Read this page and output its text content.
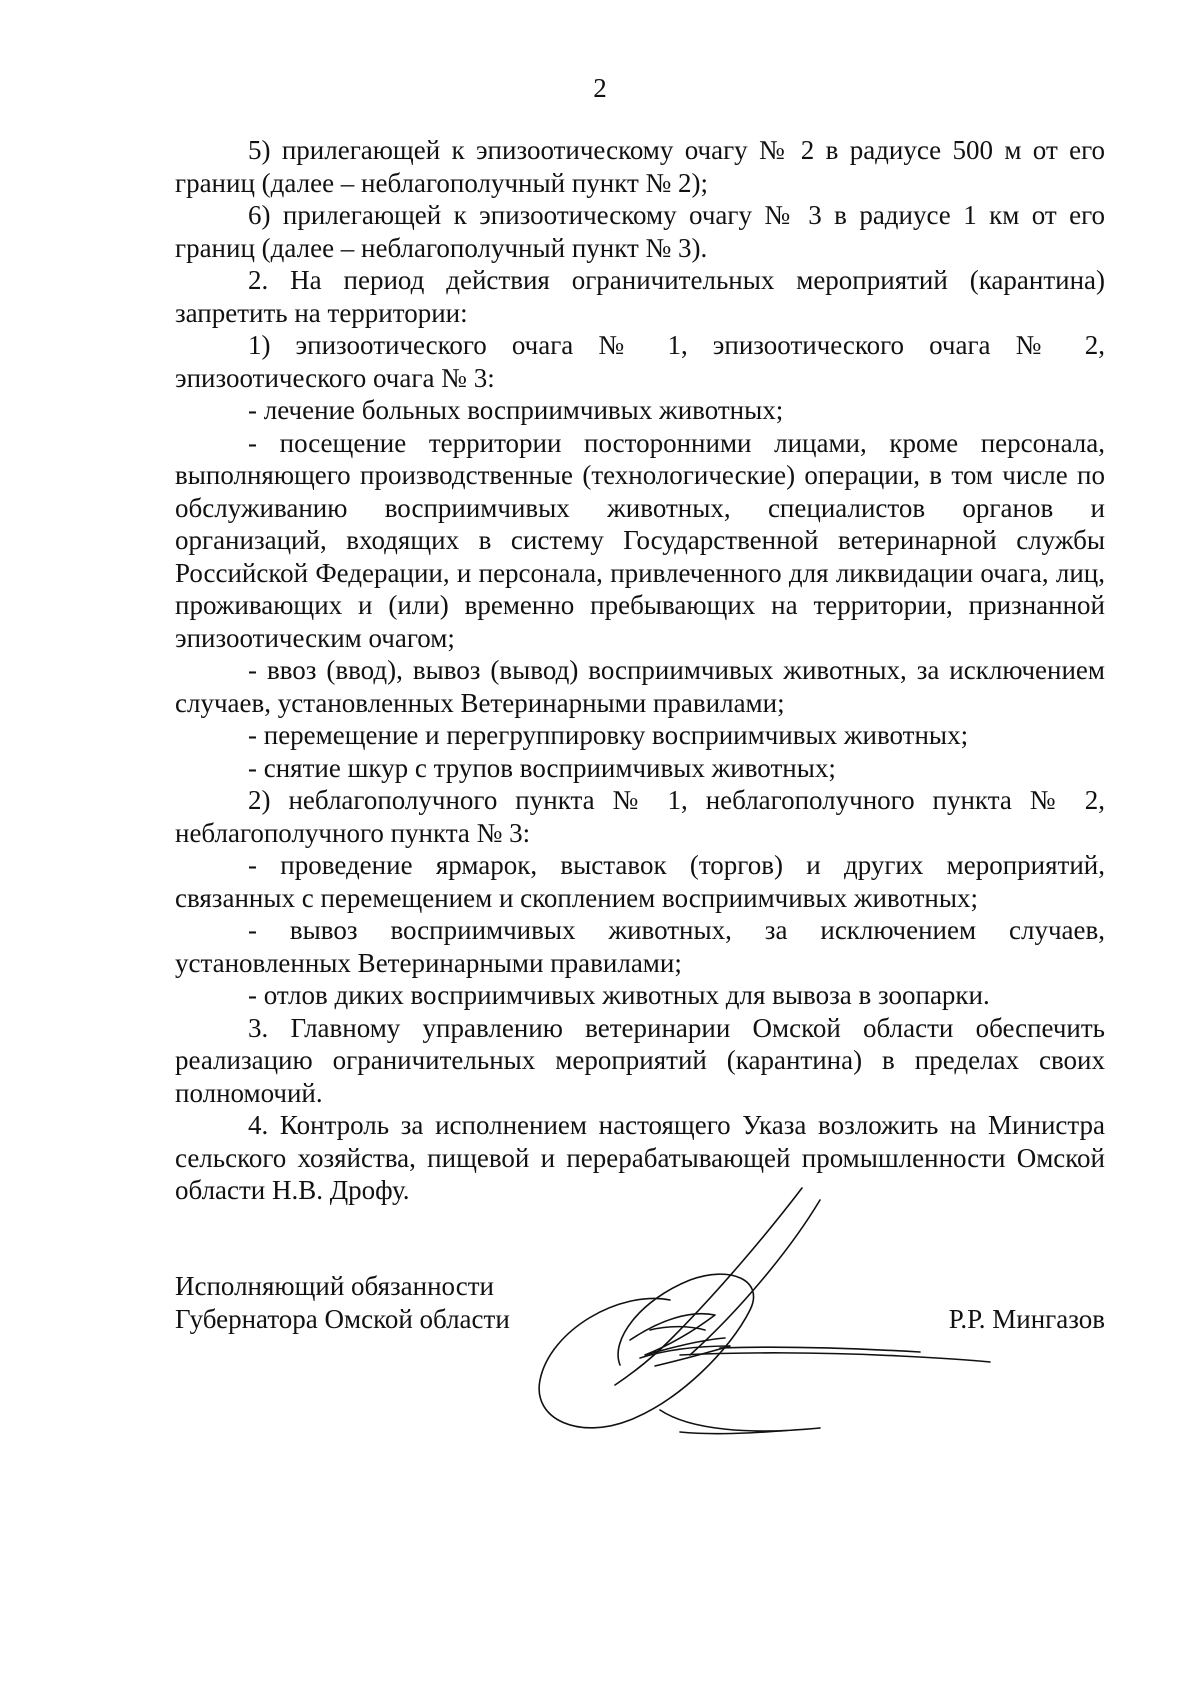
2

5) прилегающей к эпизоотическому очагу № 2 в радиусе 500 м от его границ (далее – неблагополучный пункт № 2);

6) прилегающей к эпизоотическому очагу № 3 в радиусе 1 км от его границ (далее – неблагополучный пункт № 3).

2. На период действия ограничительных мероприятий (карантина) запретить на территории:

1) эпизоотического очага № 1, эпизоотического очага № 2, эпизоотического очага № 3:

- лечение больных восприимчивых животных;

- посещение территории посторонними лицами, кроме персонала, выполняющего производственные (технологические) операции, в том числе по обслуживанию восприимчивых животных, специалистов органов и организаций, входящих в систему Государственной ветеринарной службы Российской Федерации, и персонала, привлеченного для ликвидации очага, лиц, проживающих и (или) временно пребывающих на территории, признанной эпизоотическим очагом;

- ввоз (ввод), вывоз (вывод) восприимчивых животных, за исключением случаев, установленных Ветеринарными правилами;

- перемещение и перегруппировку восприимчивых животных;

- снятие шкур с трупов восприимчивых животных;

2) неблагополучного пункта № 1, неблагополучного пункта № 2, неблагополучного пункта № 3:

- проведение ярмарок, выставок (торгов) и других мероприятий, связанных с перемещением и скоплением восприимчивых животных;

- вывоз восприимчивых животных, за исключением случаев, установленных Ветеринарными правилами;

- отлов диких восприимчивых животных для вывоза в зоопарки.

3. Главному управлению ветеринарии Омской области обеспечить реализацию ограничительных мероприятий (карантина) в пределах своих полномочий.

4. Контроль за исполнением настоящего Указа возложить на Министра сельского хозяйства, пищевой и перерабатывающей промышленности Омской области Н.В. Дрофу.

Исполняющий обязанности
Губернатора Омской области	Р.Р. Мингазов
